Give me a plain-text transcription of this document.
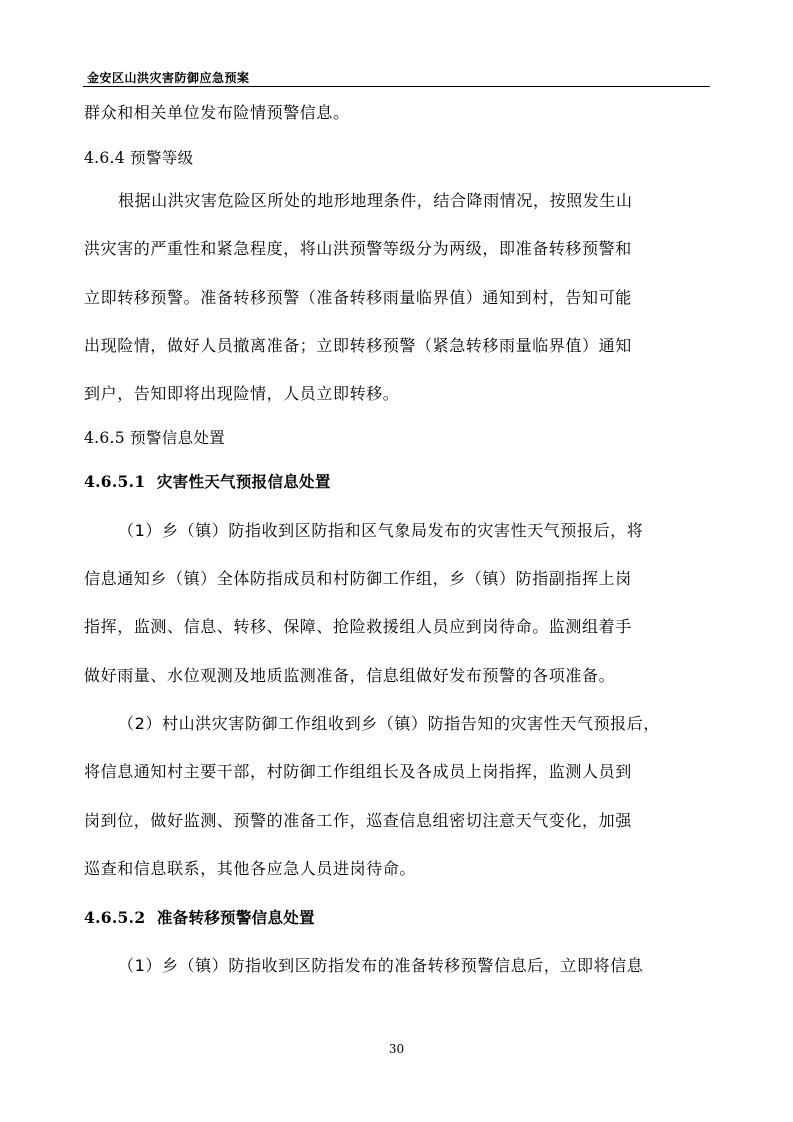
金安区山洪灾害防御应急预案
群众和相关单位发布险情预警信息。
4.6.4 预警等级
根据山洪灾害危险区所处的地形地理条件，结合降雨情况，按照发生山
洪灾害的严重性和紧急程度，将山洪预警等级分为两级，即准备转移预警和
立即转移预警。准备转移预警（准备转移雨量临界值）通知到村，告知可能
出现险情，做好人员撤离准备；立即转移预警（紧急转移雨量临界值）通知
到户，告知即将出现险情，人员立即转移。
4.6.5 预警信息处置
4.6.5.1 灾害性天气预报信息处置
（1）乡（镇）防指收到区防指和区气象局发布的灾害性天气预报后，将
信息通知乡（镇）全体防指成员和村防御工作组，乡（镇）防指副指挥上岗
指挥，监测、信息、转移、保障、抢险救援组人员应到岗待命。监测组着手
做好雨量、水位观测及地质监测准备，信息组做好发布预警的各项准备。
（2）村山洪灾害防御工作组收到乡（镇）防指告知的灾害性天气预报后，
将信息通知村主要干部，村防御工作组组长及各成员上岗指挥，监测人员到
岗到位，做好监测、预警的准备工作，巡查信息组密切注意天气变化，加强
巡查和信息联系，其他各应急人员进岗待命。
4.6.5.2 准备转移预警信息处置
（1）乡（镇）防指收到区防指发布的准备转移预警信息后，立即将信息
30
